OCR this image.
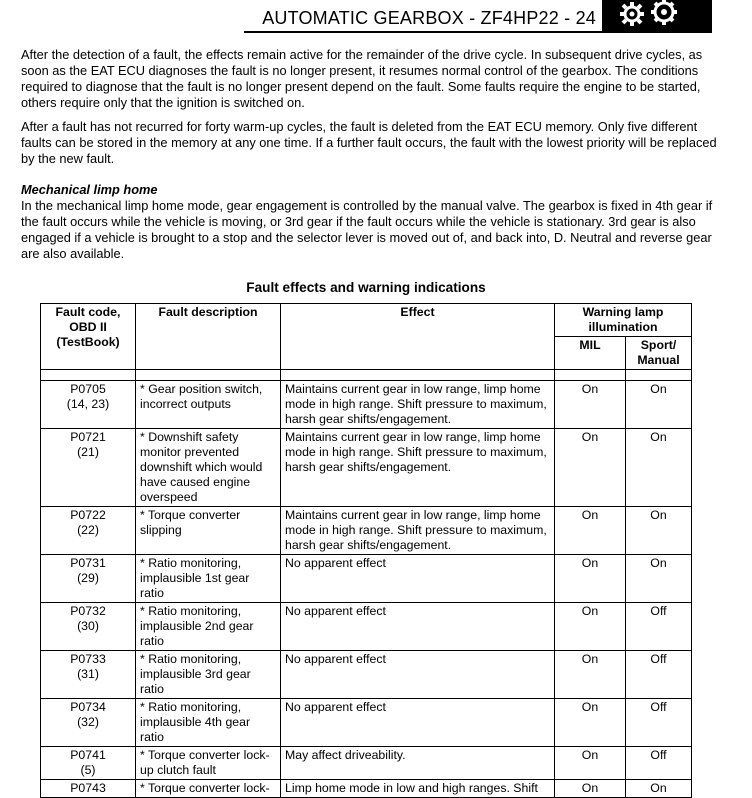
AUTOMATIC GEARBOX - ZF4HP22 - 24

After the detection of a fault, the effects remain active for the remainder of the drive cycle. In subsequent drive cycles, as soon as the EAT ECU diagnoses the fault is no longer present, it resumes normal control of the gearbox. The conditions required to diagnose that the fault is no longer present depend on the fault. Some faults require the engine to be started, others require only that the ignition is switched on.

After a fault has not recurred for forty warm-up cycles, the fault is deleted from the EAT ECU memory. Only five different faults can be stored in the memory at any one time. If a further fault occurs, the fault with the lowest priority will be replaced by the new fault.

Mechanical limp home

In the mechanical limp home mode, gear engagement is controlled by the manual valve. The gearbox is fixed in 4th gear if the fault occurs while the vehicle is moving, or 3rd gear if the fault occurs while the vehicle is stationary. 3rd gear is also engaged if a vehicle is brought to a stop and the selector lever is moved out of, and back into, D. Neutral and reverse gear are also available.

Fault effects and warning indications
Fault code, OBD II (TestBook)	Fault description	Effect	Warning lamp illumination	
			MIL	Sport/ Manual

P0705
(14, 23)	* Gear position switch, incorrect outputs	Maintains current gear in low range, limp home mode in high range. Shift pressure to maximum, harsh gear shifts/engagement.	On	On

P0721
(21)	* Downshift safety monitor prevented downshift which would have caused engine overspeed	Maintains current gear in low range, limp home mode in high range. Shift pressure to maximum, harsh gear shifts/engagement.	On	On

P0722
(22)	* Torque converter slipping	Maintains current gear in low range, limp home mode in high range. Shift pressure to maximum, harsh gear shifts/engagement.	On	On

P0731
(29)	* Ratio monitoring, implausible 1st gear ratio	No apparent effect	On	On

P0732
(30)	* Ratio monitoring, implausible 2nd gear ratio	No apparent effect	On	Off

P0733
(31)	* Ratio monitoring, implausible 3rd gear ratio	No apparent effect	On	Off

P0734
(32)	* Ratio monitoring, implausible 4th gear ratio	No apparent effect	On	Off

P0741
(5)	* Torque converter lock-up clutch fault	May affect driveability.	On	Off

P0743	* Torque converter lock-	Limp home mode in low and high ranges. Shift	On	On
